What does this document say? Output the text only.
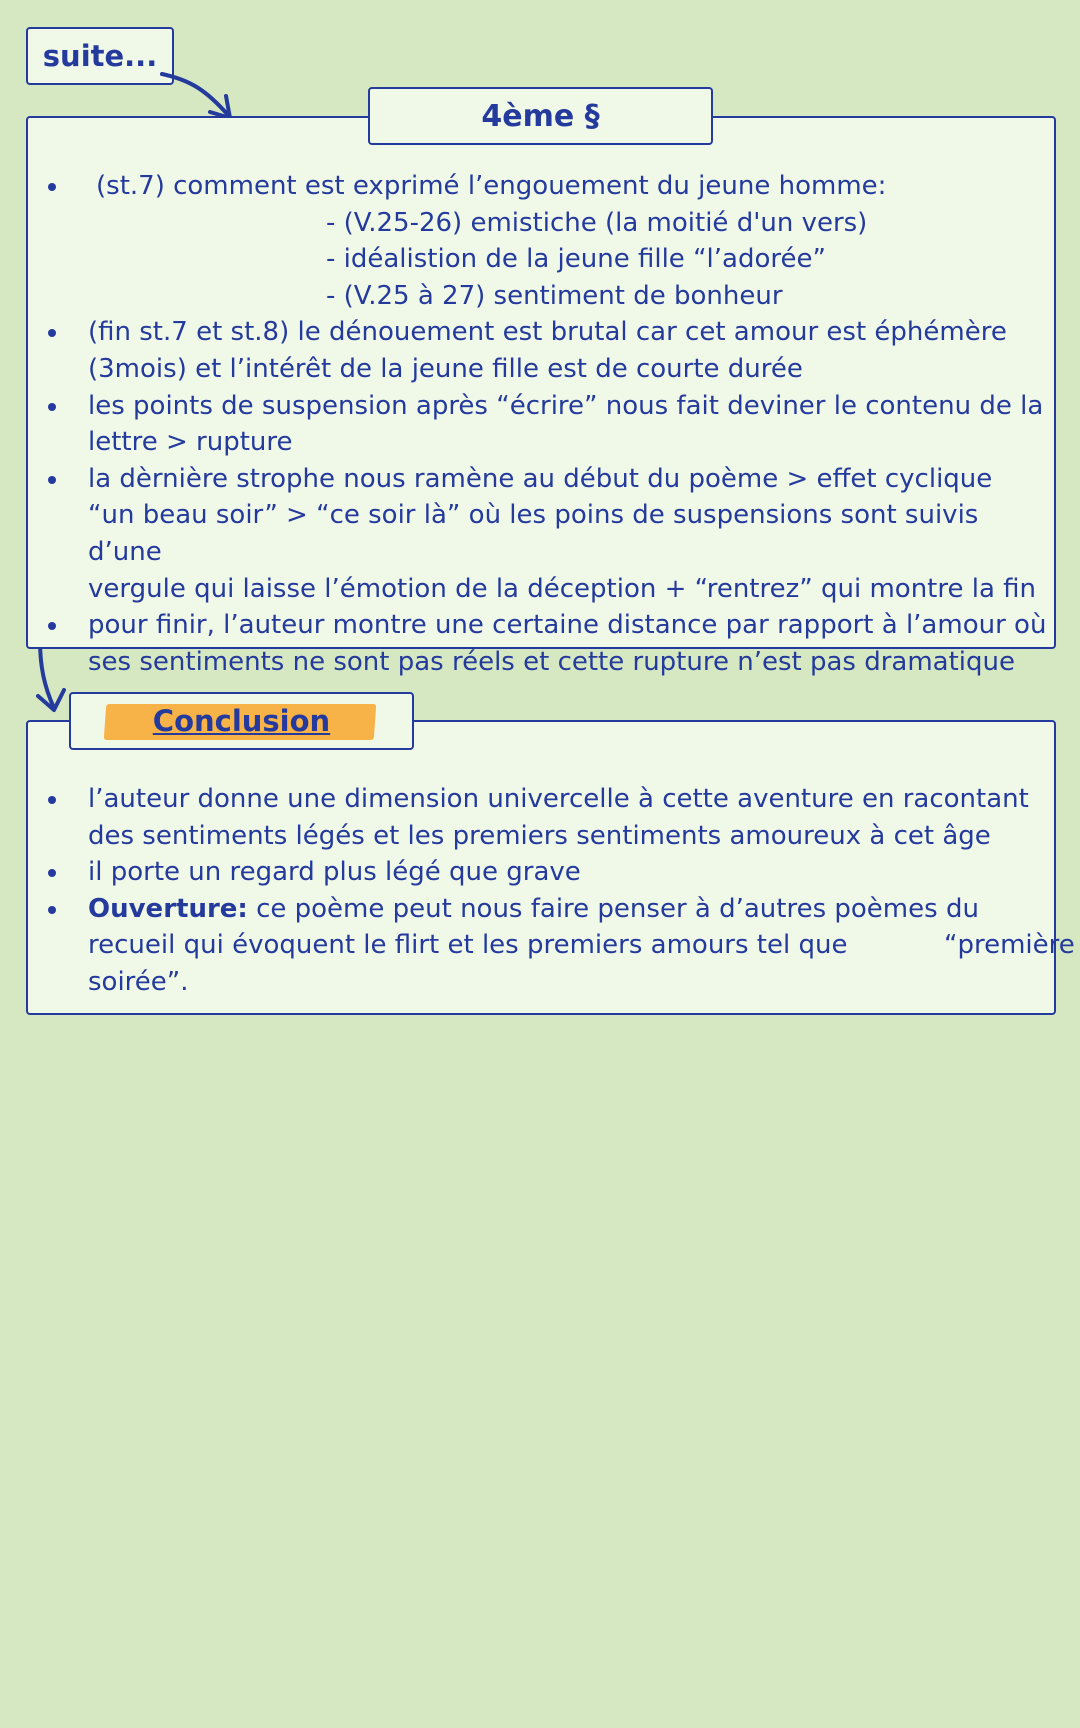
suite...
(st.7) comment est exprimé l’engouement du jeune homme:
- (V.25-26) emistiche (la moitié d'un vers)
- idéalistion de la jeune fille “l’adorée”
- (V.25 à 27) sentiment de bonheur
(fin st.7 et st.8) le dénouement est brutal car cet amour est éphémère
(3mois) et l’intérêt de la jeune fille est de courte durée
les points de suspension après “écrire” nous fait deviner le contenu de la
lettre > rupture
la dèrnière strophe nous ramène au début du poème > effet cyclique
“un beau soir” > “ce soir là” où les poins de suspensions sont suivis d’une
vergule qui laisse l’émotion de la déception + “rentrez” qui montre la fin
pour finir, l’auteur montre une certaine distance par rapport à l’amour où
ses sentiments ne sont pas réels et cette rupture n’est pas dramatique
4ème §
l’auteur donne une dimension univercelle à cette aventure en racontant
des sentiments légés et les premiers sentiments amoureux à cet âge
il porte un regard plus légé que grave
Ouverture: ce poème peut nous faire penser à d’autres poèmes du
recueil qui évoquent le flirt et les premiers amours tel que	“première

soirée”.
Conclusion
